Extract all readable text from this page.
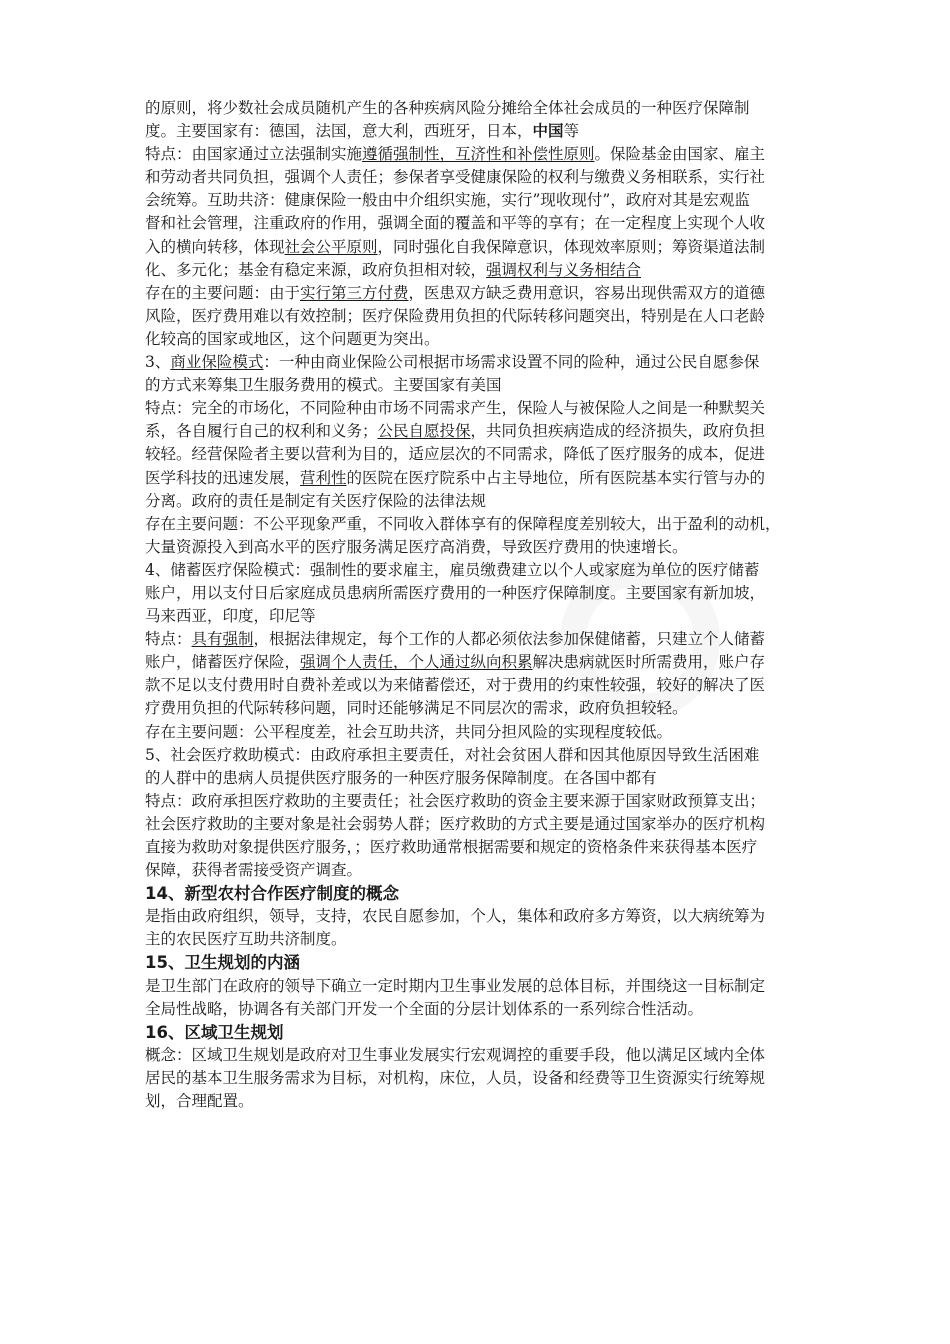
的原则，将少数社会成员随机产生的各种疾病风险分摊给全体社会成员的一种医疗保障制
度。主要国家有：德国，法国，意大利，西班牙，日本，中国等
特点：由国家通过立法强制实施遵循强制性，互济性和补偿性原则。保险基金由国家、雇主
和劳动者共同负担，强调个人责任；参保者享受健康保险的权利与缴费义务相联系，实行社
会统筹。互助共济：健康保险一般由中介组织实施，实行”现收现付”，政府对其是宏观监
督和社会管理，注重政府的作用，强调全面的覆盖和平等的享有；在一定程度上实现个人收
入的横向转移，体现社会公平原则，同时强化自我保障意识，体现效率原则；筹资渠道法制
化、多元化；基金有稳定来源，政府负担相对较，强调权利与义务相结合
存在的主要问题：由于实行第三方付费，医患双方缺乏费用意识，容易出现供需双方的道德
风险，医疗费用难以有效控制；医疗保险费用负担的代际转移问题突出，特别是在人口老龄
化较高的国家或地区，这个问题更为突出。
3、商业保险模式：一种由商业保险公司根据市场需求设置不同的险种，通过公民自愿参保
的方式来筹集卫生服务费用的模式。主要国家有美国
特点：完全的市场化，不同险种由市场不同需求产生，保险人与被保险人之间是一种默契关
系，各自履行自己的权利和义务；公民自愿投保，共同负担疾病造成的经济损失，政府负担
较轻。经营保险者主要以营利为目的，适应层次的不同需求，降低了医疗服务的成本，促进
医学科技的迅速发展，营利性的医院在医疗院系中占主导地位，所有医院基本实行管与办的
分离。政府的责任是制定有关医疗保险的法律法规
存在主要问题：不公平现象严重，不同收入群体享有的保障程度差别较大，出于盈利的动机，
大量资源投入到高水平的医疗服务满足医疗高消费，导致医疗费用的快速增长。
4、储蓄医疗保险模式：强制性的要求雇主，雇员缴费建立以个人或家庭为单位的医疗储蓄
账户，用以支付日后家庭成员患病所需医疗费用的一种医疗保障制度。主要国家有新加坡，
马来西亚，印度，印尼等
特点：具有强制，根据法律规定，每个工作的人都必须依法参加保健储蓄，只建立个人储蓄
账户，储蓄医疗保险，强调个人责任，个人通过纵向积累解决患病就医时所需费用，账户存
款不足以支付费用时自费补差或以为来储蓄偿还，对于费用的约束性较强，较好的解决了医
疗费用负担的代际转移问题，同时还能够满足不同层次的需求，政府负担较轻。
存在主要问题：公平程度差，社会互助共济，共同分担风险的实现程度较低。
5、社会医疗救助模式：由政府承担主要责任，对社会贫困人群和因其他原因导致生活困难
的人群中的患病人员提供医疗服务的一种医疗服务保障制度。在各国中都有
特点：政府承担医疗救助的主要责任；社会医疗救助的资金主要来源于国家财政预算支出；
社会医疗救助的主要对象是社会弱势人群；医疗救助的方式主要是通过国家举办的医疗机构
直接为救助对象提供医疗服务，；医疗救助通常根据需要和规定的资格条件来获得基本医疗
保障，获得者需接受资产调查。
14、新型农村合作医疗制度的概念
是指由政府组织，领导，支持，农民自愿参加，个人，集体和政府多方筹资，以大病统筹为
主的农民医疗互助共济制度。
15、卫生规划的内涵
是卫生部门在政府的领导下确立一定时期内卫生事业发展的总体目标，并围绕这一目标制定
全局性战略，协调各有关部门开发一个全面的分层计划体系的一系列综合性活动。
16、区域卫生规划
概念：区域卫生规划是政府对卫生事业发展实行宏观调控的重要手段，他以满足区域内全体
居民的基本卫生服务需求为目标，对机构，床位，人员，设备和经费等卫生资源实行统筹规
划，合理配置。
